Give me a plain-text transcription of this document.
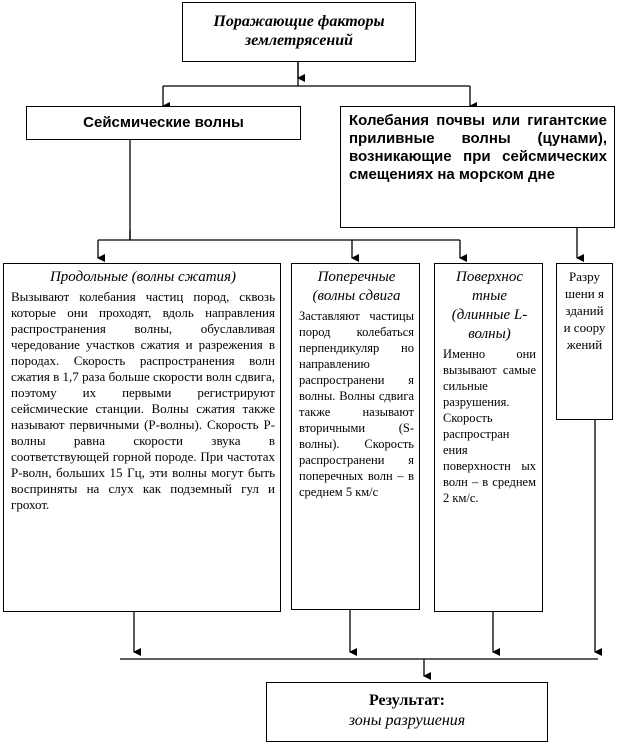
Поражающие факторы
землетрясений
Сейсмические волны	Колебания почвы или гигантские приливные волны (цунами), возникающие при сейсмических смещениях на морском дне
Продольные (волны сжатия)
Вызывают колебания частиц пород, сквозь которые они проходят, вдоль направления распространения волны, обуславливая чередование участков сжатия и разрежения в породах. Скорость распространения волн сжатия в 1,7 раза больше скорости волн сдвига, поэтому их первыми регистрируют сейсмические станции. Волны сжатия также называют первичными (P-волны). Скорость P-волны равна скорости звука в соответствующей горной породе. При частотах P-волн, больших 15 Гц, эти волны могут быть восприняты на слух как подземный гул и грохот.
Поперечные (волны сдвига
Заставляют частицы пород колебаться перпендикуляр но направлению распространени я волны. Волны сдвига также называют вторичными (S-волны). Скорость распространени я поперечных волн – в среднем 5 км/с
Поверхнос тные (длинные L-волны)
Именно они вызывают самые сильные разрушения. Скорость распростран ения поверхностн ых волн – в среднем 2 км/с.
Разру шени я зданий и соору жений
Результат:
зоны разрушения
